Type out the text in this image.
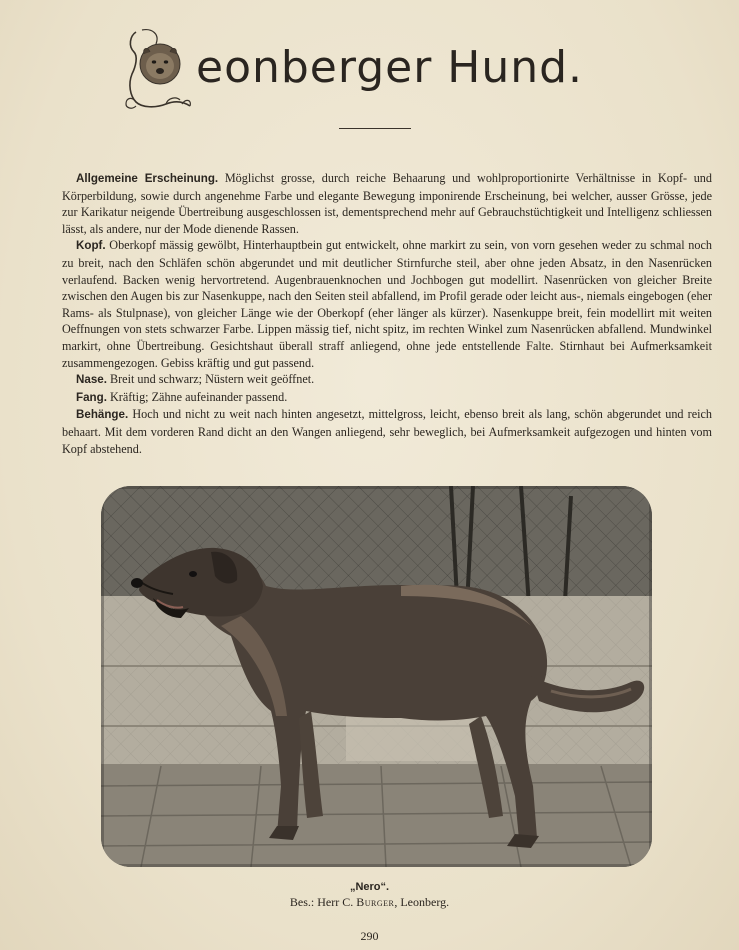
eonberger Hund.

Allgemeine Erscheinung. Möglichst grosse, durch reiche Behaarung und wohlproportionirte Verhältnisse in Kopf- und Körperbildung, sowie durch angenehme Farbe und elegante Bewegung imponirende Erscheinung, bei welcher, ausser Grösse, jede zur Karikatur neigende Übertreibung ausgeschlossen ist, dementsprechend mehr auf Gebrauchstüchtigkeit und Intelligenz schliessen lässt, als andere, nur der Mode dienende Rassen.

Kopf. Oberkopf mässig gewölbt, Hinterhauptbein gut entwickelt, ohne markirt zu sein, von vorn gesehen weder zu schmal noch zu breit, nach den Schläfen schön abgerundet und mit deutlicher Stirnfurche steil, aber ohne jeden Absatz, in den Nasenrücken verlaufend. Backen wenig hervortretend. Augenbrauenknochen und Jochbogen gut modellirt. Nasenrücken von gleicher Breite zwischen den Augen bis zur Nasenkuppe, nach den Seiten steil abfallend, im Profil gerade oder leicht aus-, niemals eingebogen (eher Rams- als Stulpnase), von gleicher Länge wie der Oberkopf (eher länger als kürzer). Nasenkuppe breit, fein modellirt mit weiten Oeffnungen von stets schwarzer Farbe. Lippen mässig tief, nicht spitz, im rechten Winkel zum Nasenrücken abfallend. Mundwinkel markirt, ohne Übertreibung. Gesichtshaut überall straff anliegend, ohne jede entstellende Falte. Stirnhaut bei Aufmerksamkeit zusammengezogen. Gebiss kräftig und gut passend.

Nase. Breit und schwarz; Nüstern weit geöffnet.

Fang. Kräftig; Zähne aufeinander passend.

Behänge. Hoch und nicht zu weit nach hinten angesetzt, mittelgross, leicht, ebenso breit als lang, schön abgerundet und reich behaart. Mit dem vorderen Rand dicht an den Wangen anliegend, sehr beweglich, bei Aufmerksamkeit aufgezogen und hinten vom Kopf abstehend.

„Nero“.
Bes.: Herr C. Burger, Leonberg.
290
